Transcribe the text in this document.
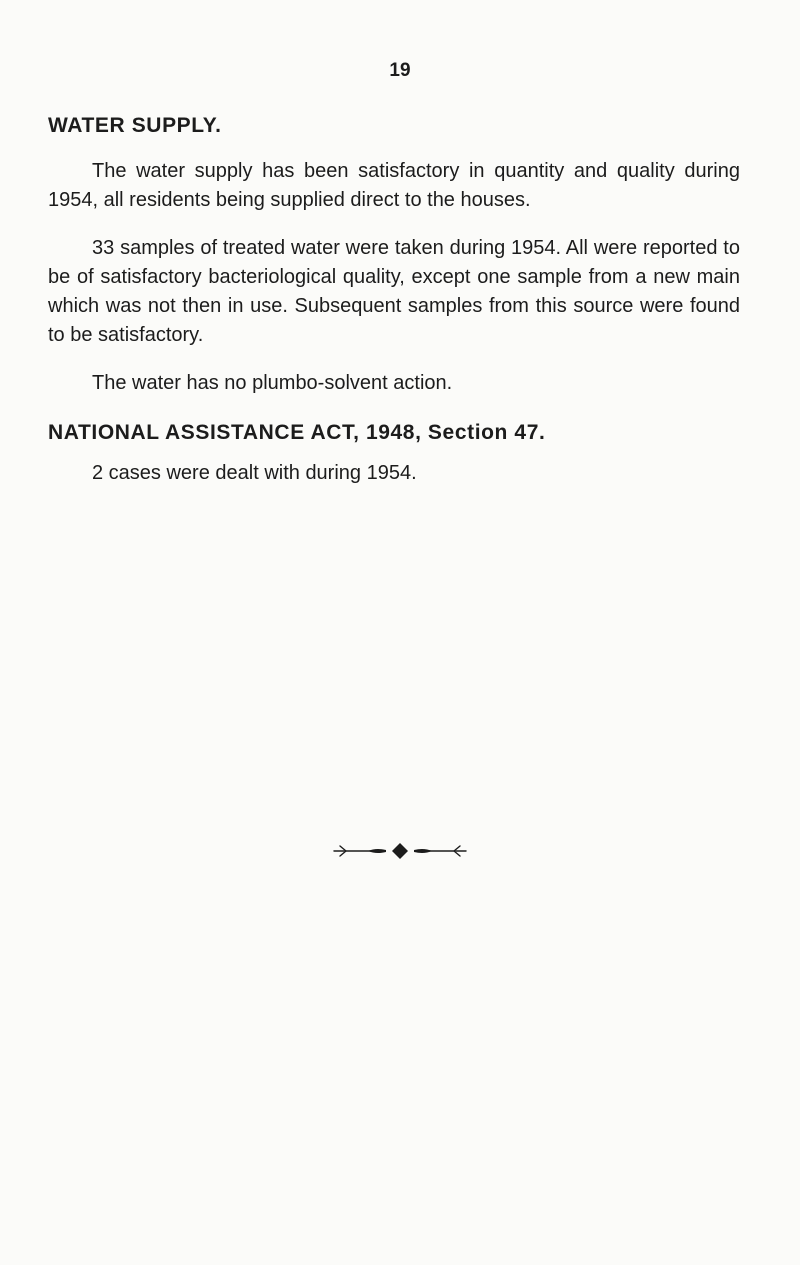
19

WATER SUPPLY.

The water supply has been satisfactory in quantity and quality during 1954, all residents being supplied direct to the houses.

33 samples of treated water were taken during 1954. All were reported to be of satisfactory bacteriological quality, except one sample from a new main which was not then in use. Subsequent samples from this source were found to be satisfactory.

The water has no plumbo-solvent action.

NATIONAL ASSISTANCE ACT, 1948, Section 47.

2 cases were dealt with during 1954.
